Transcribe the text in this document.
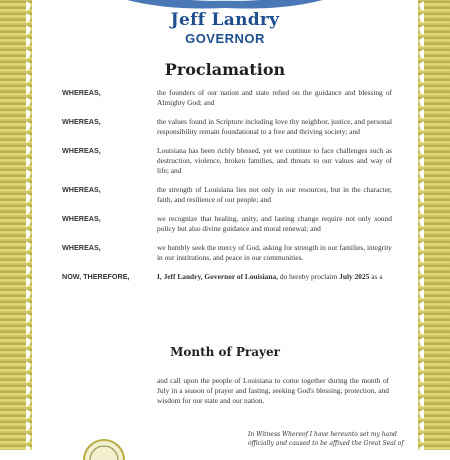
Jeff Landry
GOVERNOR
Proclamation
WHEREAS,	the founders of our nation and state relied on the guidance and blessing of Almighty God; and
WHEREAS,	the values found in Scripture including love thy neighbor, justice, and personal responsibility remain foundational to a free and thriving society; and
WHEREAS,	Louisiana has been richly blessed, yet we continue to face challenges such as destruction, violence, broken families, and threats to our values and way of life; and
WHEREAS,	the strength of Louisiana lies not only in our resources, but in the character, faith, and resilience of our people; and
WHEREAS,	we recognize that healing, unity, and lasting change require not only sound policy but also divine guidance and moral renewal; and
WHEREAS,	we humbly seek the mercy of God, asking for strength in our families, integrity in our institutions, and peace in our communities.
NOW, THEREFORE,	I, Jeff Landry, Governor of Louisiana, do hereby proclaim July 2025 as a
Month of Prayer
and call upon the people of Louisiana to come together during the month of July in a season of prayer and fasting, seeking God's blessing, protection, and wisdom for our state and our nation.
In Witness Whereof I have hereunto set my hand officially and caused to be affixed the Great Seal of
